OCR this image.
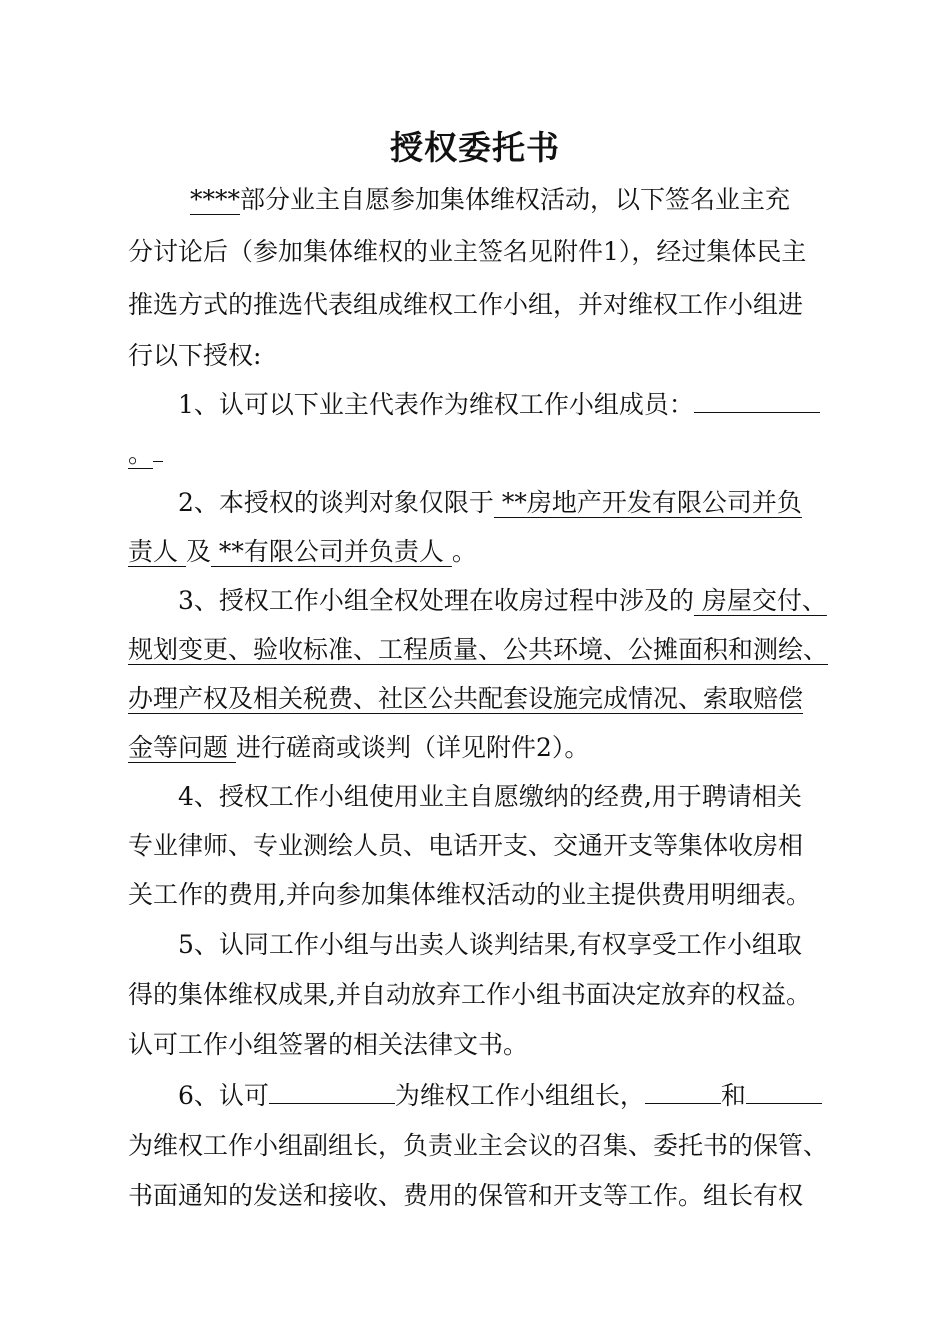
授权委托书
****部分业主自愿参加集体维权活动，以下签名业主充
分讨论后（参加集体维权的业主签名见附件1），经过集体民主
推选方式的推选代表组成维权工作小组，并对维权工作小组进
行以下授权:
1、认可以下业主代表作为维权工作小组成员：
。
2、本授权的谈判对象仅限于 **房地产开发有限公司并负
责人 及 **有限公司并负责人 。
3、授权工作小组全权处理在收房过程中涉及的 房屋交付、
规划变更、验收标准、工程质量、公共环境、公摊面积和测绘、
办理产权及相关税费、社区公共配套设施完成情况、索取赔偿
金等问题 进行磋商或谈判（详见附件2）。
4、授权工作小组使用业主自愿缴纳的经费,用于聘请相关
专业律师、专业测绘人员、电话开支、交通开支等集体收房相
关工作的费用,并向参加集体维权活动的业主提供费用明细表。
5、认同工作小组与出卖人谈判结果,有权享受工作小组取
得的集体维权成果,并自动放弃工作小组书面决定放弃的权益。
认可工作小组签署的相关法律文书。
6、认可	为维权工作小组组长，	和
为维权工作小组副组长，负责业主会议的召集、委托书的保管、
书面通知的发送和接收、费用的保管和开支等工作。组长有权
